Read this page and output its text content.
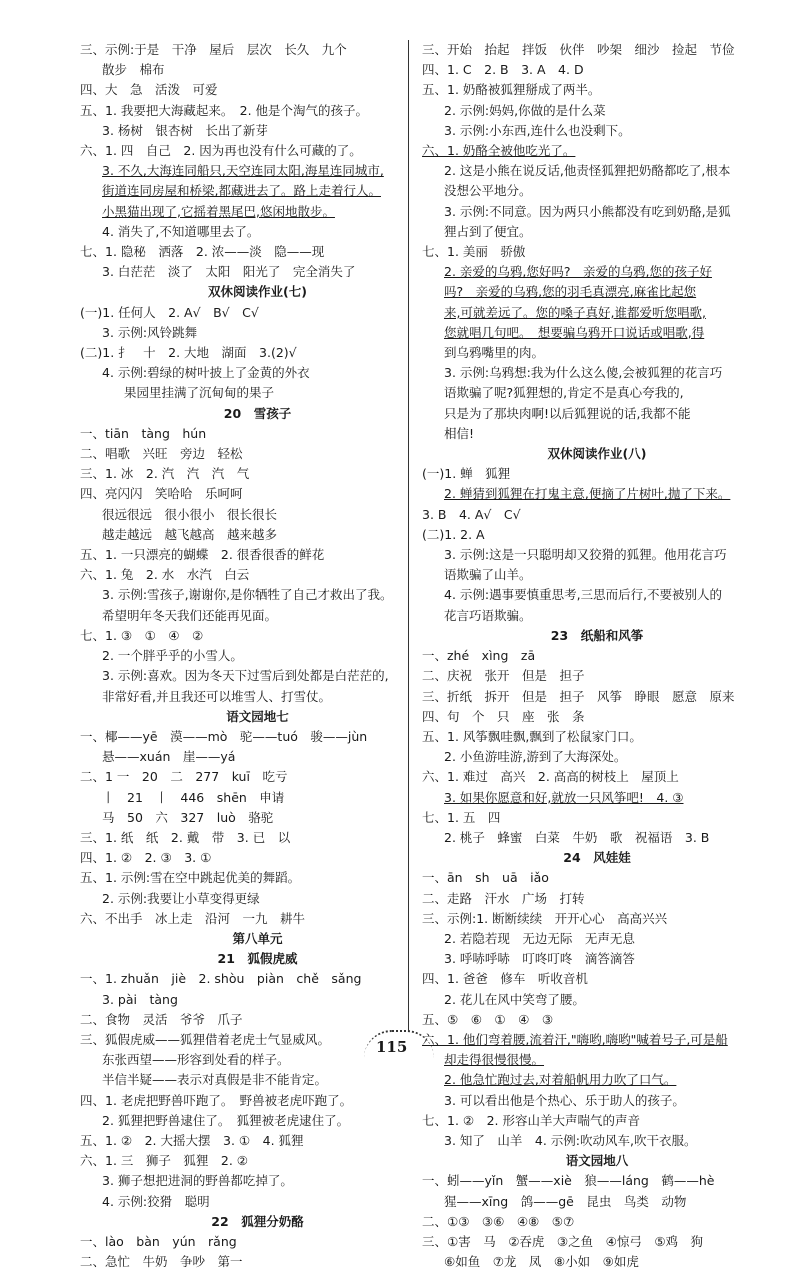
三、示例:于是　干净　屋后　层次　长久　九个
散步　棉布
四、大　急　活泼　可爱
五、1. 我要把大海藏起来。　2. 他是个淘气的孩子。
3. 杨树　银杏树　长出了新芽
六、1. 四　自己　2. 因为再也没有什么可藏的了。
3. 不久,大海连同船只,天空连同太阳,海星连同城市,
街道连同房屋和桥梁,都藏进去了。路上走着行人。
小黑猫出现了,它摇着黑尾巴,悠闲地散步。
4. 消失了,不知道哪里去了。
七、1. 隐秘　洒落　2. 浓——淡　隐——现
3. 白茫茫　淡了　太阳　阳光了　完全消失了
双休阅读作业(七)
(一)1. 任何人　2. A√　B√　C√
3. 示例:风铃跳舞
(二)1. 扌　十　2. 大地　湖面　3.(2)√
4. 示例:碧绿的树叶披上了金黄的外衣
果园里挂满了沉甸甸的果子
20　雪孩子
一、tiān　tàng　hún
二、唱歌　兴旺　旁边　轻松
三、1. 冰　2. 汽　汽　汽　气
四、亮闪闪　笑哈哈　乐呵呵
很远很远　很小很小　很长很长
越走越远　越飞越高　越来越多
五、1. 一只漂亮的蝴蝶　2. 很香很香的鲜花
六、1. 兔　2. 水　水汽　白云
3. 示例:雪孩子,谢谢你,是你牺牲了自己才救出了我。
希望明年冬天我们还能再见面。
七、1. ③　①　④　②
2. 一个胖乎乎的小雪人。
3. 示例:喜欢。因为冬天下过雪后到处都是白茫茫的,
非常好看,并且我还可以堆雪人、打雪仗。
语文园地七
一、椰——yē　漠——mò　驼——tuó　骏——jùn
悬——xuán　崖——yá
二、1 一　20　二　277　kuī　吃亏
丨　21　丨　446　shēn　申请
马　50　六　327　luò　骆驼
三、1. 纸　纸　2. 戴　带　3. 已　以
四、1. ②　2. ③　3. ①
五、1. 示例:雪在空中跳起优美的舞蹈。
2. 示例:我要让小草变得更绿
六、不出手　冰上走　沿河　一九　耕牛
第八单元
21　狐假虎威
一、1. zhuǎn　jiè　2. shòu　piàn　chě　sǎng
3. pài　tàng
二、食物　灵活　爷爷　爪子
三、狐假虎威——狐狸借着老虎士气显威风。
东张西望——形容到处看的样子。
半信半疑——表示对真假是非不能肯定。
四、1. 老虎把野兽吓跑了。　野兽被老虎吓跑了。
2. 狐狸把野兽逮住了。　狐狸被老虎逮住了。
五、1. ②　2. 大摇大摆　3. ①　4. 狐狸
六、1. 三　狮子　狐狸　2. ②
3. 狮子想把进洞的野兽都吃掉了。
4. 示例:狡猾　聪明
22　狐狸分奶酪
一、lào　bàn　yún　rǎng
二、急忙　牛奶　争吵　第一
三、开始　抬起　拌饭　伙伴　吵架　细沙　捡起　节俭
四、1. C　2. B　3. A　4. D
五、1. 奶酪被狐狸掰成了两半。
2. 示例:妈妈,你做的是什么菜
3. 示例:小东西,连什么也没剩下。
六、1. 奶酪全被他吃光了。
2. 这是小熊在说反话,他责怪狐狸把奶酪都吃了,根本
没想公平地分。
3. 示例:不同意。因为两只小熊都没有吃到奶酪,是狐
狸占到了便宜。
七、1. 美丽　骄傲
2. 亲爱的乌鸦,您好吗?　亲爱的乌鸦,您的孩子好
吗?　亲爱的乌鸦,您的羽毛真漂亮,麻雀比起您
来,可就差远了。您的嗓子真好,谁都爱听您唱歌,
您就唱几句吧。　想要骗乌鸦开口说话或唱歌,得
到乌鸦嘴里的肉。
3. 示例:乌鸦想:我为什么这么傻,会被狐狸的花言巧
语欺骗了呢?狐狸想的,肯定不是真心夸我的,
只是为了那块肉啊!以后狐狸说的话,我都不能
相信!
双休阅读作业(八)
(一)1. 蝉　狐狸
2. 蝉猜到狐狸在打鬼主意,便摘了片树叶,抛了下来。
3. B　4. A√　C√
(二)1. 2. A
3. 示例:这是一只聪明却又狡猾的狐狸。他用花言巧
语欺骗了山羊。
4. 示例:遇事要慎重思考,三思而后行,不要被别人的
花言巧语欺骗。
23　纸船和风筝
一、zhé　xìng　zā
二、庆祝　张开　但是　担子
三、折纸　拆开　但是　担子　风筝　睁眼　愿意　原来
四、句　个　只　座　张　条
五、1. 风筝飘哇飘,飘到了松鼠家门口。
2. 小鱼游哇游,游到了大海深处。
六、1. 难过　高兴　2. 高高的树枝上　屋顶上
3. 如果你愿意和好,就放一只风筝吧!　4. ③
七、1. 五　四
2. 桃子　蜂蜜　白菜　牛奶　歌　祝福语　3. B
24　风娃娃
一、ān　sh　uā　iǎo
二、走路　汗水　广场　打转
三、示例:1. 断断续续　开开心心　高高兴兴
2. 若隐若现　无边无际　无声无息
3. 呼哧呼哧　叮咚叮咚　滴答滴答
四、1. 爸爸　修车　听收音机
2. 花儿在风中笑弯了腰。
五、⑤　⑥　①　④　③
六、1. 他们弯着腰,流着汗,"嗨哟,嗨哟"喊着号子,可是船
却走得很慢很慢。
2. 他急忙跑过去,对着船帆用力吹了口气。
3. 可以看出他是个热心、乐于助人的孩子。
七、1. ②　2. 形容山羊大声喘气的声音
3. 知了　山羊　4. 示例:吹动风车,吹干衣服。
语文园地八
一、蚓——yǐn　蟹——xiè　狼——láng　鹤——hè
猩——xīng　鸽——gē　昆虫　鸟类　动物
二、①③　③⑥　④⑧　⑤⑦
三、①害　马　②吞虎　③之鱼　④惊弓　⑤鸡　狗
⑥如鱼　⑦龙　凤　⑧小如　⑨如虎
115
